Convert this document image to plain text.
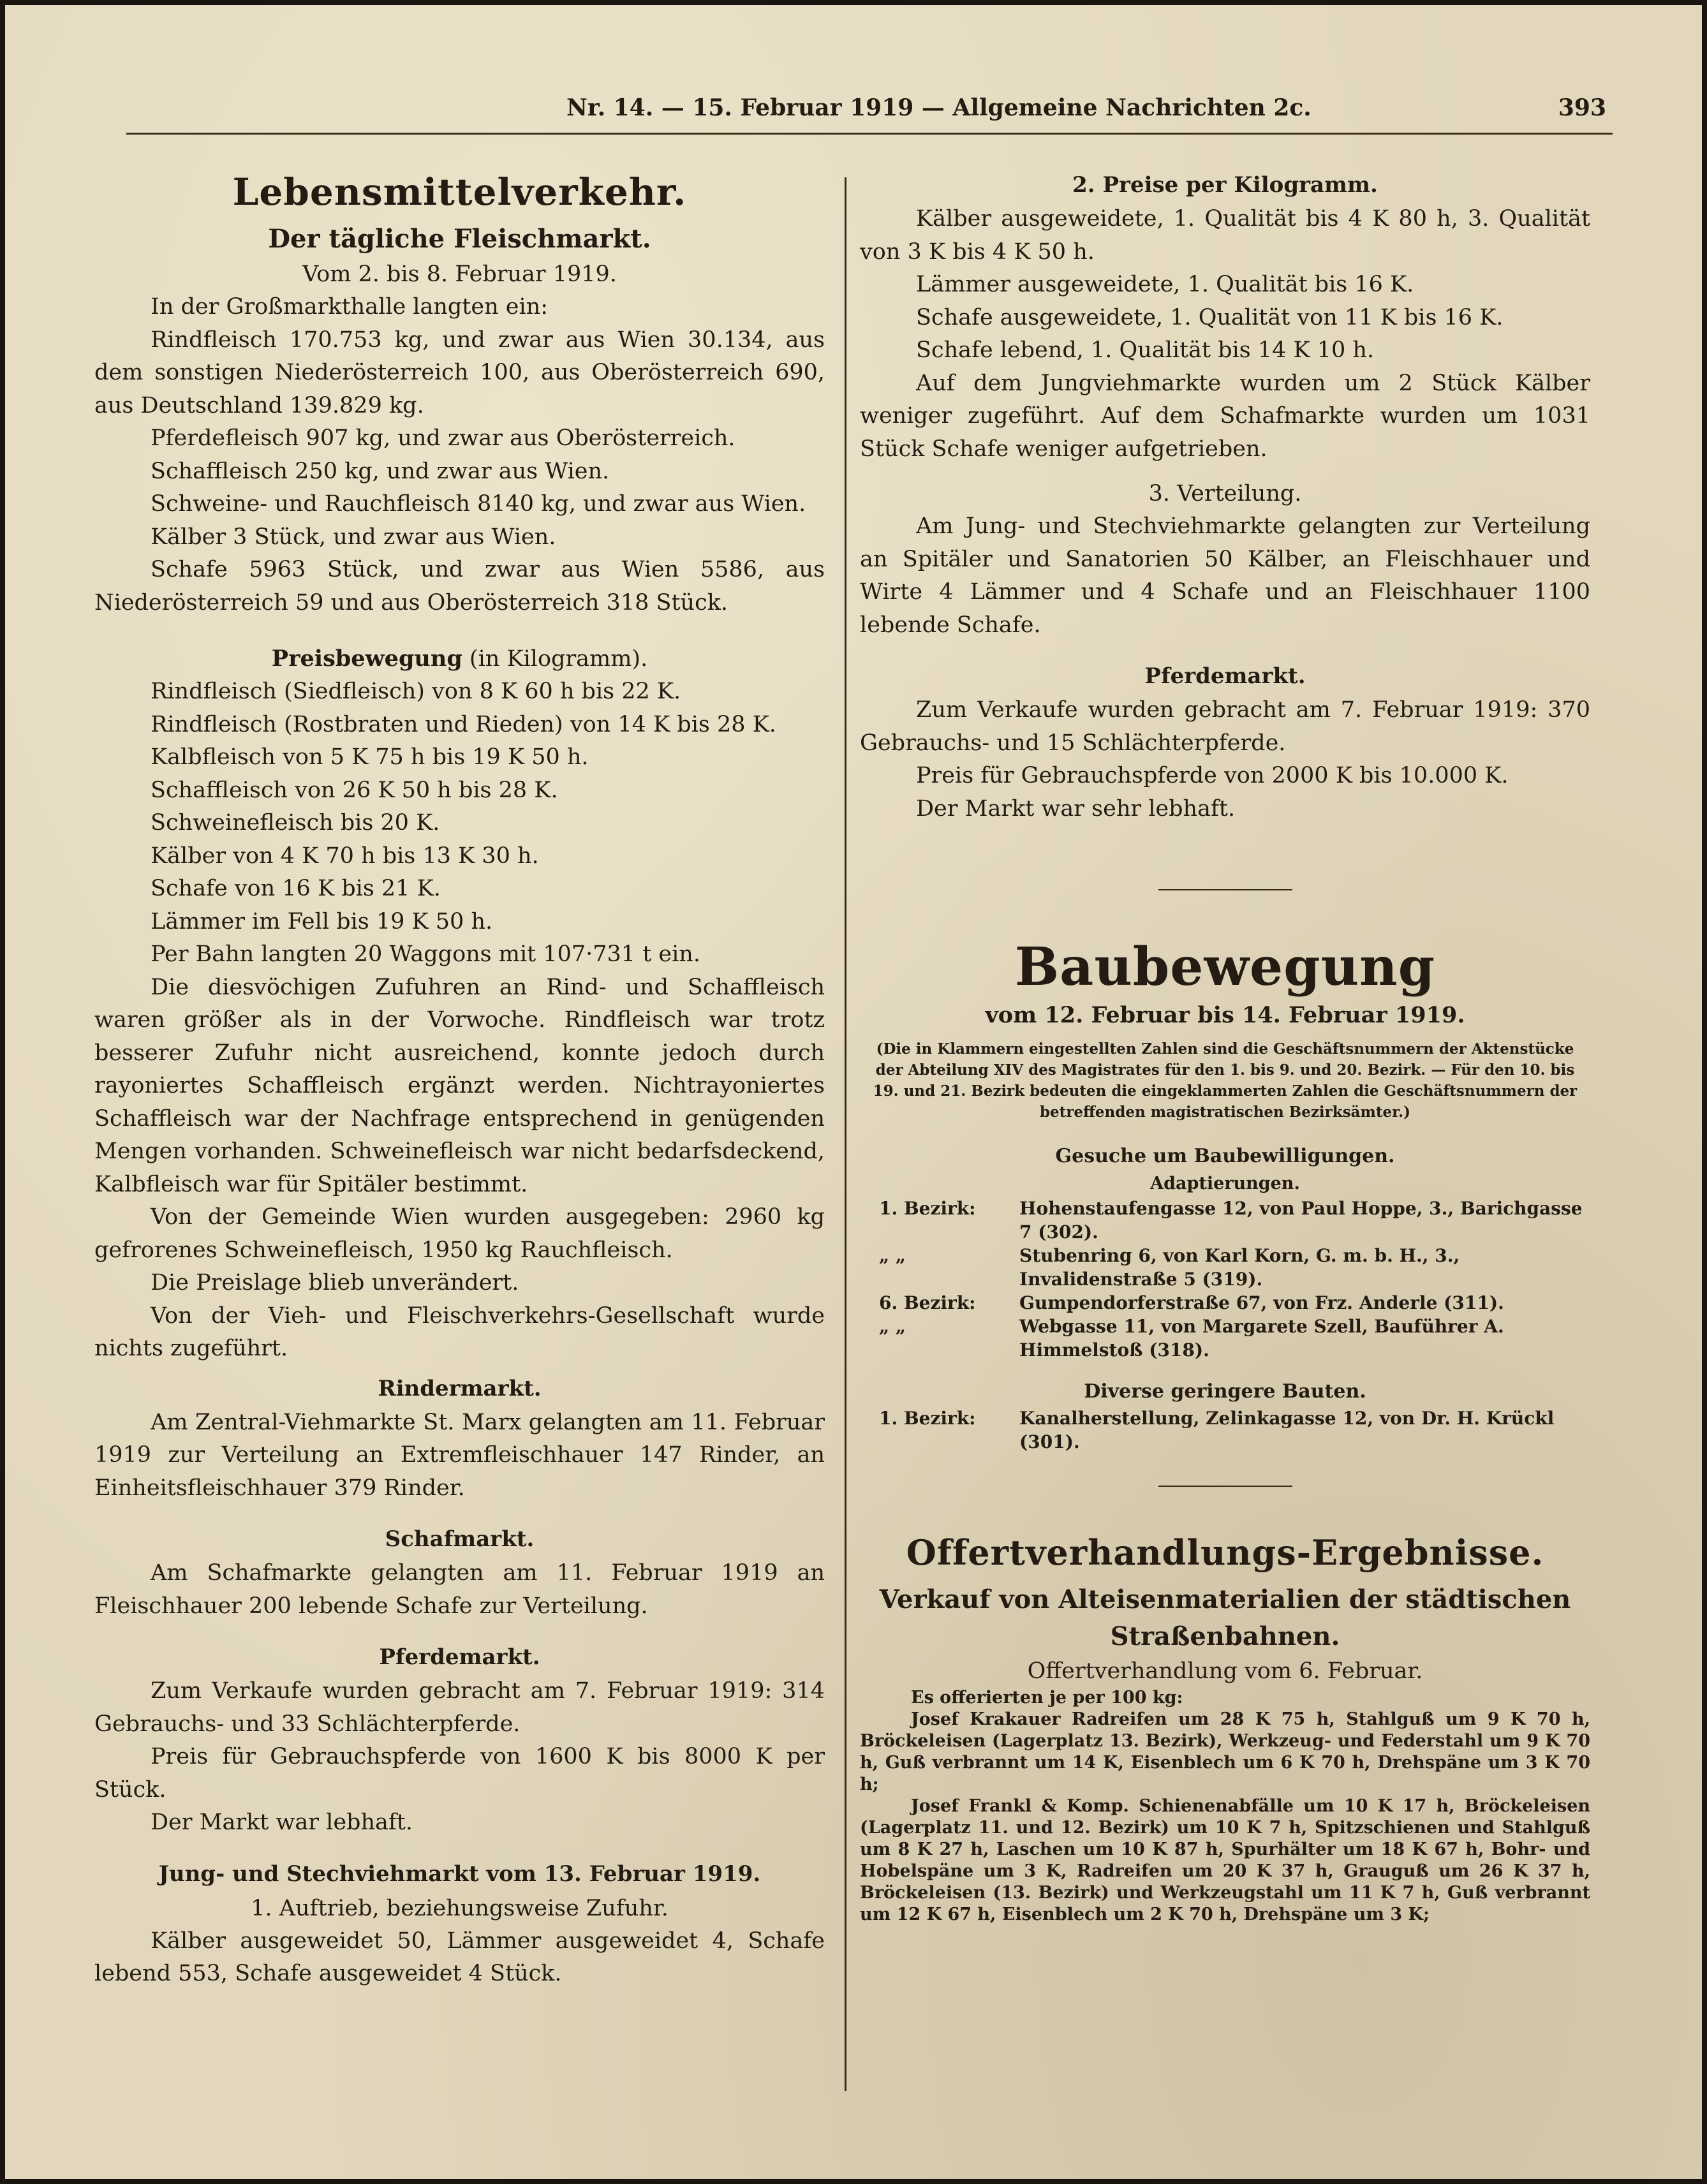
Nr. 14. — 15. Februar 1919 — Allgemeine Nachrichten 2c.	393
Lebensmittelverkehr.
Der tägliche Fleischmarkt.
Vom 2. bis 8. Februar 1919.

In der Großmarkthalle langten ein:

Rindfleisch 170.753 kg, und zwar aus Wien 30.134, aus dem sonstigen Niederösterreich 100, aus Oberösterreich 690, aus Deutschland 139.829 kg.

Pferdefleisch 907 kg, und zwar aus Oberösterreich.

Schaffleisch 250 kg, und zwar aus Wien.

Schweine- und Rauchfleisch 8140 kg, und zwar aus Wien.

Kälber 3 Stück, und zwar aus Wien.

Schafe 5963 Stück, und zwar aus Wien 5586, aus Niederösterreich 59 und aus Oberösterreich 318 Stück.

Preisbewegung (in Kilogramm).

Rindfleisch (Siedfleisch) von 8 K 60 h bis 22 K.

Rindfleisch (Rostbraten und Rieden) von 14 K bis 28 K.

Kalbfleisch von 5 K 75 h bis 19 K 50 h.

Schaffleisch von 26 K 50 h bis 28 K.

Schweinefleisch bis 20 K.

Kälber von 4 K 70 h bis 13 K 30 h.

Schafe von 16 K bis 21 K.

Lämmer im Fell bis 19 K 50 h.

Per Bahn langten 20 Waggons mit 107·731 t ein.

Die diesvöchigen Zufuhren an Rind- und Schaffleisch waren größer als in der Vorwoche. Rindfleisch war trotz besserer Zufuhr nicht ausreichend, konnte jedoch durch rayoniertes Schaffleisch ergänzt werden. Nichtrayoniertes Schaffleisch war der Nachfrage entsprechend in genügenden Mengen vorhanden. Schweinefleisch war nicht bedarfsdeckend, Kalbfleisch war für Spitäler bestimmt.

Von der Gemeinde Wien wurden ausgegeben: 2960 kg gefrorenes Schweinefleisch, 1950 kg Rauchfleisch.

Die Preislage blieb unverändert.

Von der Vieh- und Fleischverkehrs-Gesellschaft wurde nichts zugeführt.

Rindermarkt.

Am Zentral-Viehmarkte St. Marx gelangten am 11. Februar 1919 zur Verteilung an Extremfleischhauer 147 Rinder, an Einheitsfleischhauer 379 Rinder.

Schafmarkt.

Am Schafmarkte gelangten am 11. Februar 1919 an Fleischhauer 200 lebende Schafe zur Verteilung.

Pferdemarkt.

Zum Verkaufe wurden gebracht am 7. Februar 1919: 314 Gebrauchs- und 33 Schlächterpferde.

Preis für Gebrauchspferde von 1600 K bis 8000 K per Stück.

Der Markt war lebhaft.

Jung- und Stechviehmarkt vom 13. Februar 1919.
1. Auftrieb, beziehungsweise Zufuhr.

Kälber ausgeweidet 50, Lämmer ausgeweidet 4, Schafe lebend 553, Schafe ausgeweidet 4 Stück.

2. Preise per Kilogramm.

Kälber ausgeweidete, 1. Qualität bis 4 K 80 h, 3. Qualität von 3 K bis 4 K 50 h.

Lämmer ausgeweidete, 1. Qualität bis 16 K.

Schafe ausgeweidete, 1. Qualität von 11 K bis 16 K.

Schafe lebend, 1. Qualität bis 14 K 10 h.

Auf dem Jungviehmarkte wurden um 2 Stück Kälber weniger zugeführt. Auf dem Schafmarkte wurden um 1031 Stück Schafe weniger aufgetrieben.

3. Verteilung.

Am Jung- und Stechviehmarkte gelangten zur Verteilung an Spitäler und Sanatorien 50 Kälber, an Fleischhauer und Wirte 4 Lämmer und 4 Schafe und an Fleischhauer 1100 lebende Schafe.

Pferdemarkt.

Zum Verkaufe wurden gebracht am 7. Februar 1919: 370 Gebrauchs- und 15 Schlächterpferde.

Preis für Gebrauchspferde von 2000 K bis 10.000 K.

Der Markt war sehr lebhaft.

Baubewegung
vom 12. Februar bis 14. Februar 1919.
(Die in Klammern eingestellten Zahlen sind die Geschäftsnummern der Aktenstücke der Abteilung XIV des Magistrates für den 1. bis 9. und 20. Bezirk. — Für den 10. bis 19. und 21. Bezirk bedeuten die eingeklammerten Zahlen die Geschäftsnummern der betreffenden magistratischen Bezirksämter.)
Gesuche um Baubewilligungen.
Adaptierungen.
1. Bezirk:	Hohenstaufengasse 12, von Paul Hoppe, 3., Barichgasse 7 (302).
„ „	Stubenring 6, von Karl Korn, G. m. b. H., 3., Invalidenstraße 5 (319).
6. Bezirk:	Gumpendorferstraße 67, von Frz. Anderle (311).
„ „	Webgasse 11, von Margarete Szell, Bauführer A. Himmelstoß (318).
Diverse geringere Bauten.
1. Bezirk:	Kanalherstellung, Zelinkagasse 12, von Dr. H. Krückl (301).
Offertverhandlungs-Ergebnisse.
Verkauf von Alteisenmaterialien der städtischen Straßenbahnen.
Offertverhandlung vom 6. Februar.

Es offerierten je per 100 kg:

Josef Krakauer Radreifen um 28 K 75 h, Stahlguß um 9 K 70 h, Bröckeleisen (Lagerplatz 13. Bezirk), Werkzeug- und Federstahl um 9 K 70 h, Guß verbrannt um 14 K, Eisenblech um 6 K 70 h, Drehspäne um 3 K 70 h;

Josef Frankl & Komp. Schienenabfälle um 10 K 17 h, Bröckeleisen (Lagerplatz 11. und 12. Bezirk) um 10 K 7 h, Spitzschienen und Stahlguß um 8 K 27 h, Laschen um 10 K 87 h, Spurhälter um 18 K 67 h, Bohr- und Hobelspäne um 3 K, Radreifen um 20 K 37 h, Grauguß um 26 K 37 h, Bröckeleisen (13. Bezirk) und Werkzeugstahl um 11 K 7 h, Guß verbrannt um 12 K 67 h, Eisenblech um 2 K 70 h, Drehspäne um 3 K;
